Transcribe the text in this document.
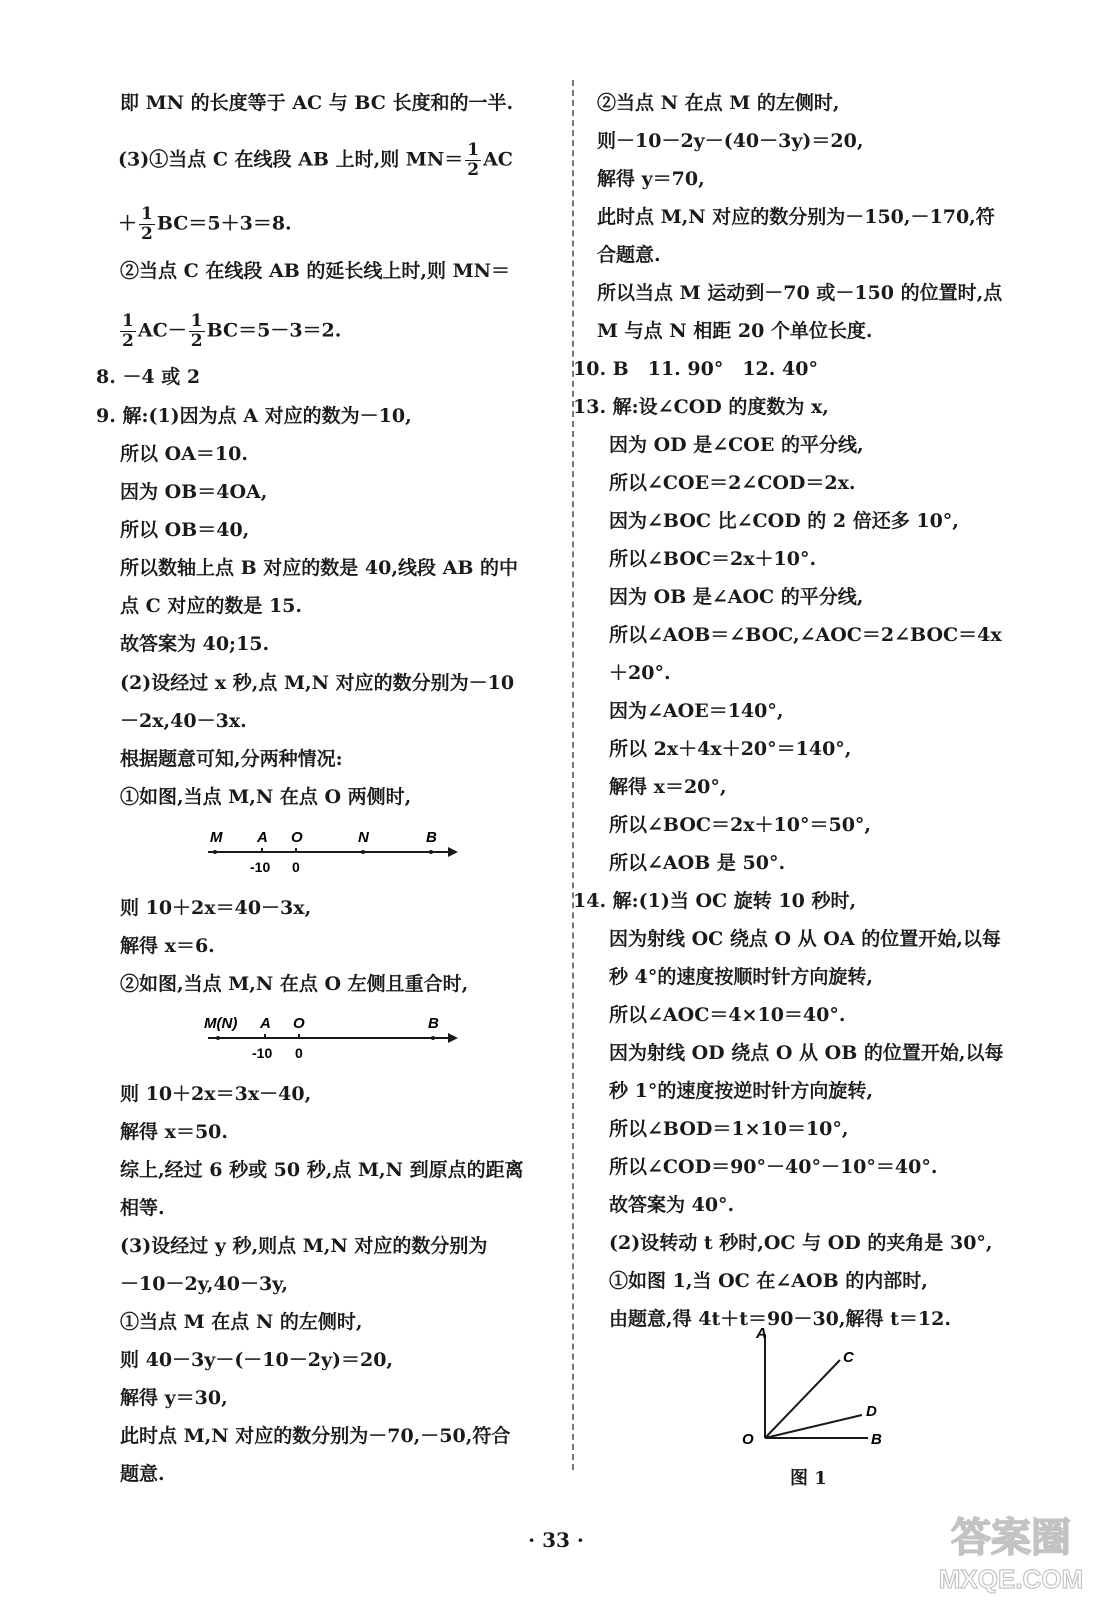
即 MN 的长度等于 AC 与 BC 长度和的一半.
(3)①当点 C 在线段 AB 上时,则 $MN= \frac{1}{2}$ AC
＋ $\frac{1}{2} BC=5+3=8$.
②当点 C 在线段 AB 的延长线上时,则 MN＝
$\frac{1}{2} AC- \frac{1}{2} BC=5-3=2$.
8. －4 或 2
9. 解:(1)因为点 A 对应的数为－10,
所以 OA＝10.
因为 OB＝4OA,
所以 OB＝40,
所以数轴上点 B 对应的数是 40,线段 AB 的中
点 C 对应的数是 15.
故答案为 40;15.
(2)设经过 x 秒,点 M,N 对应的数分别为－10
－2x,40－3x.
根据题意可知,分两种情况:
①如图,当点 M,N 在点 O 两侧时,
M A O	N	B
-10 0
则 10＋2x＝40－3x,
解得 x＝6.
②如图,当点 M,N 在点 O 左侧且重合时,
M(N) A O	B
-10 0
则 10＋2x＝3x－40,
解得 x＝50.
综上,经过 6 秒或 50 秒,点 M,N 到原点的距离
相等.
(3)设经过 y 秒,则点 M,N 对应的数分别为
－10－2y,40－3y,
①当点 M 在点 N 的左侧时,
则 40－3y－(－10－2y)＝20,
解得 y＝30,
此时点 M,N 对应的数分别为－70,－50,符合
题意.
②当点 N 在点 M 的左侧时,
则－10－2y－(40－3y)＝20,
解得 y＝70,
此时点 M,N 对应的数分别为－150,－170,符
合题意.
所以当点 M 运动到－70 或－150 的位置时,点
M 与点 N 相距 20 个单位长度.
10. B　11. 90°　12. 40°
13. 解:设∠COD 的度数为 x,
因为 OD 是∠COE 的平分线,
所以∠COE＝2∠COD＝2x.
因为∠BOC 比∠COD 的 2 倍还多 10°,
所以∠BOC＝2x＋10°.
因为 OB 是∠AOC 的平分线,
所以∠AOB＝∠BOC,∠AOC＝2∠BOC＝4x
＋20°.
因为∠AOE＝140°,
所以 2x＋4x＋20°＝140°,
解得 x＝20°,
所以∠BOC＝2x＋10°＝50°,
所以∠AOB 是 50°.
14. 解:(1)当 OC 旋转 10 秒时,
因为射线 OC 绕点 O 从 OA 的位置开始,以每
秒 4°的速度按顺时针方向旋转,
所以∠AOC＝4×10＝40°.
因为射线 OD 绕点 O 从 OB 的位置开始,以每
秒 1°的速度按逆时针方向旋转,
所以∠BOD＝1×10＝10°,
所以∠COD＝90°－40°－10°＝40°.
故答案为 40°.
(2)设转动 t 秒时,OC 与 OD 的夹角是 30°,
①如图 1,当 OC 在∠AOB 的内部时,
由题意,得 4t＋t＝90－30,解得 t＝12.
A
C
D
O	B
图 1
· 33 ·	答案圈
MXQE.COM
